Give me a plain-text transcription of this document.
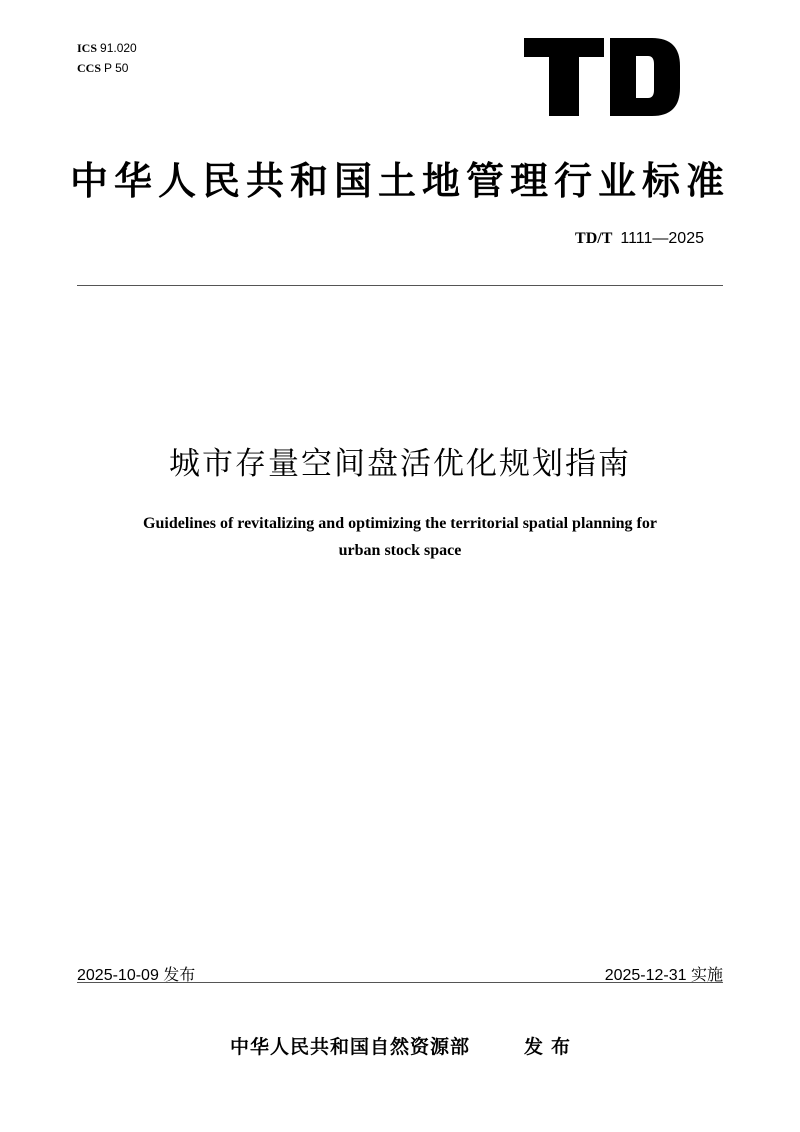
ICS 91.020
CCS P 50
中华人民共和国土地管理行业标准
TD/T 1111—2025
城市存量空间盘活优化规划指南
Guidelines of revitalizing and optimizing the territorial spatial planning for
urban stock space
2025-10-09 发布	2025-12-31 实施
中华人民共和国自然资源部	发布
